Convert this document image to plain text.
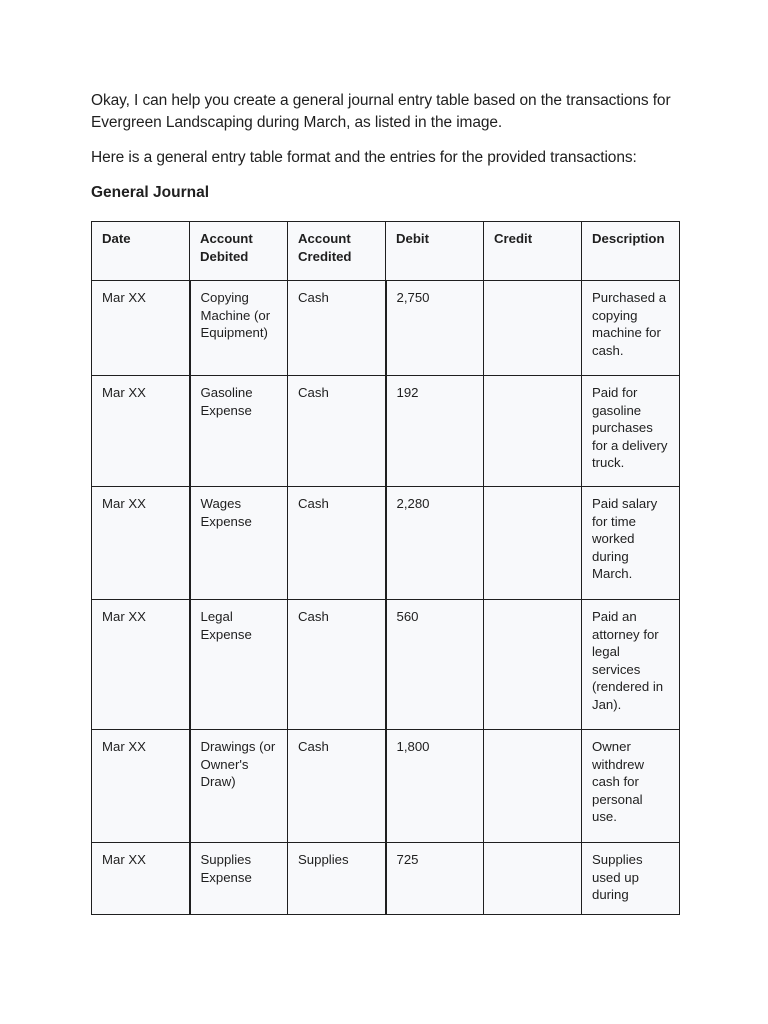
Okay, I can help you create a general journal entry table based on the transactions for Evergreen Landscaping during March, as listed in the image.

Here is a general entry table format and the entries for the provided transactions:

General Journal
Date	Account Debited	Account Credited	Debit	Credit	Description
Mar XX	Copying Machine (or Equipment)	Cash	2,750		Purchased a copying machine for cash.
Mar XX	Gasoline Expense	Cash	192		Paid for gasoline purchases for a delivery truck.
Mar XX	Wages Expense	Cash	2,280		Paid salary for time worked during March.
Mar XX	Legal Expense	Cash	560		Paid an attorney for legal services (rendered in Jan).
Mar XX	Drawings (or Owner's Draw)	Cash	1,800		Owner withdrew cash for personal use.
Mar XX	Supplies Expense	Supplies	725		Supplies used up during
